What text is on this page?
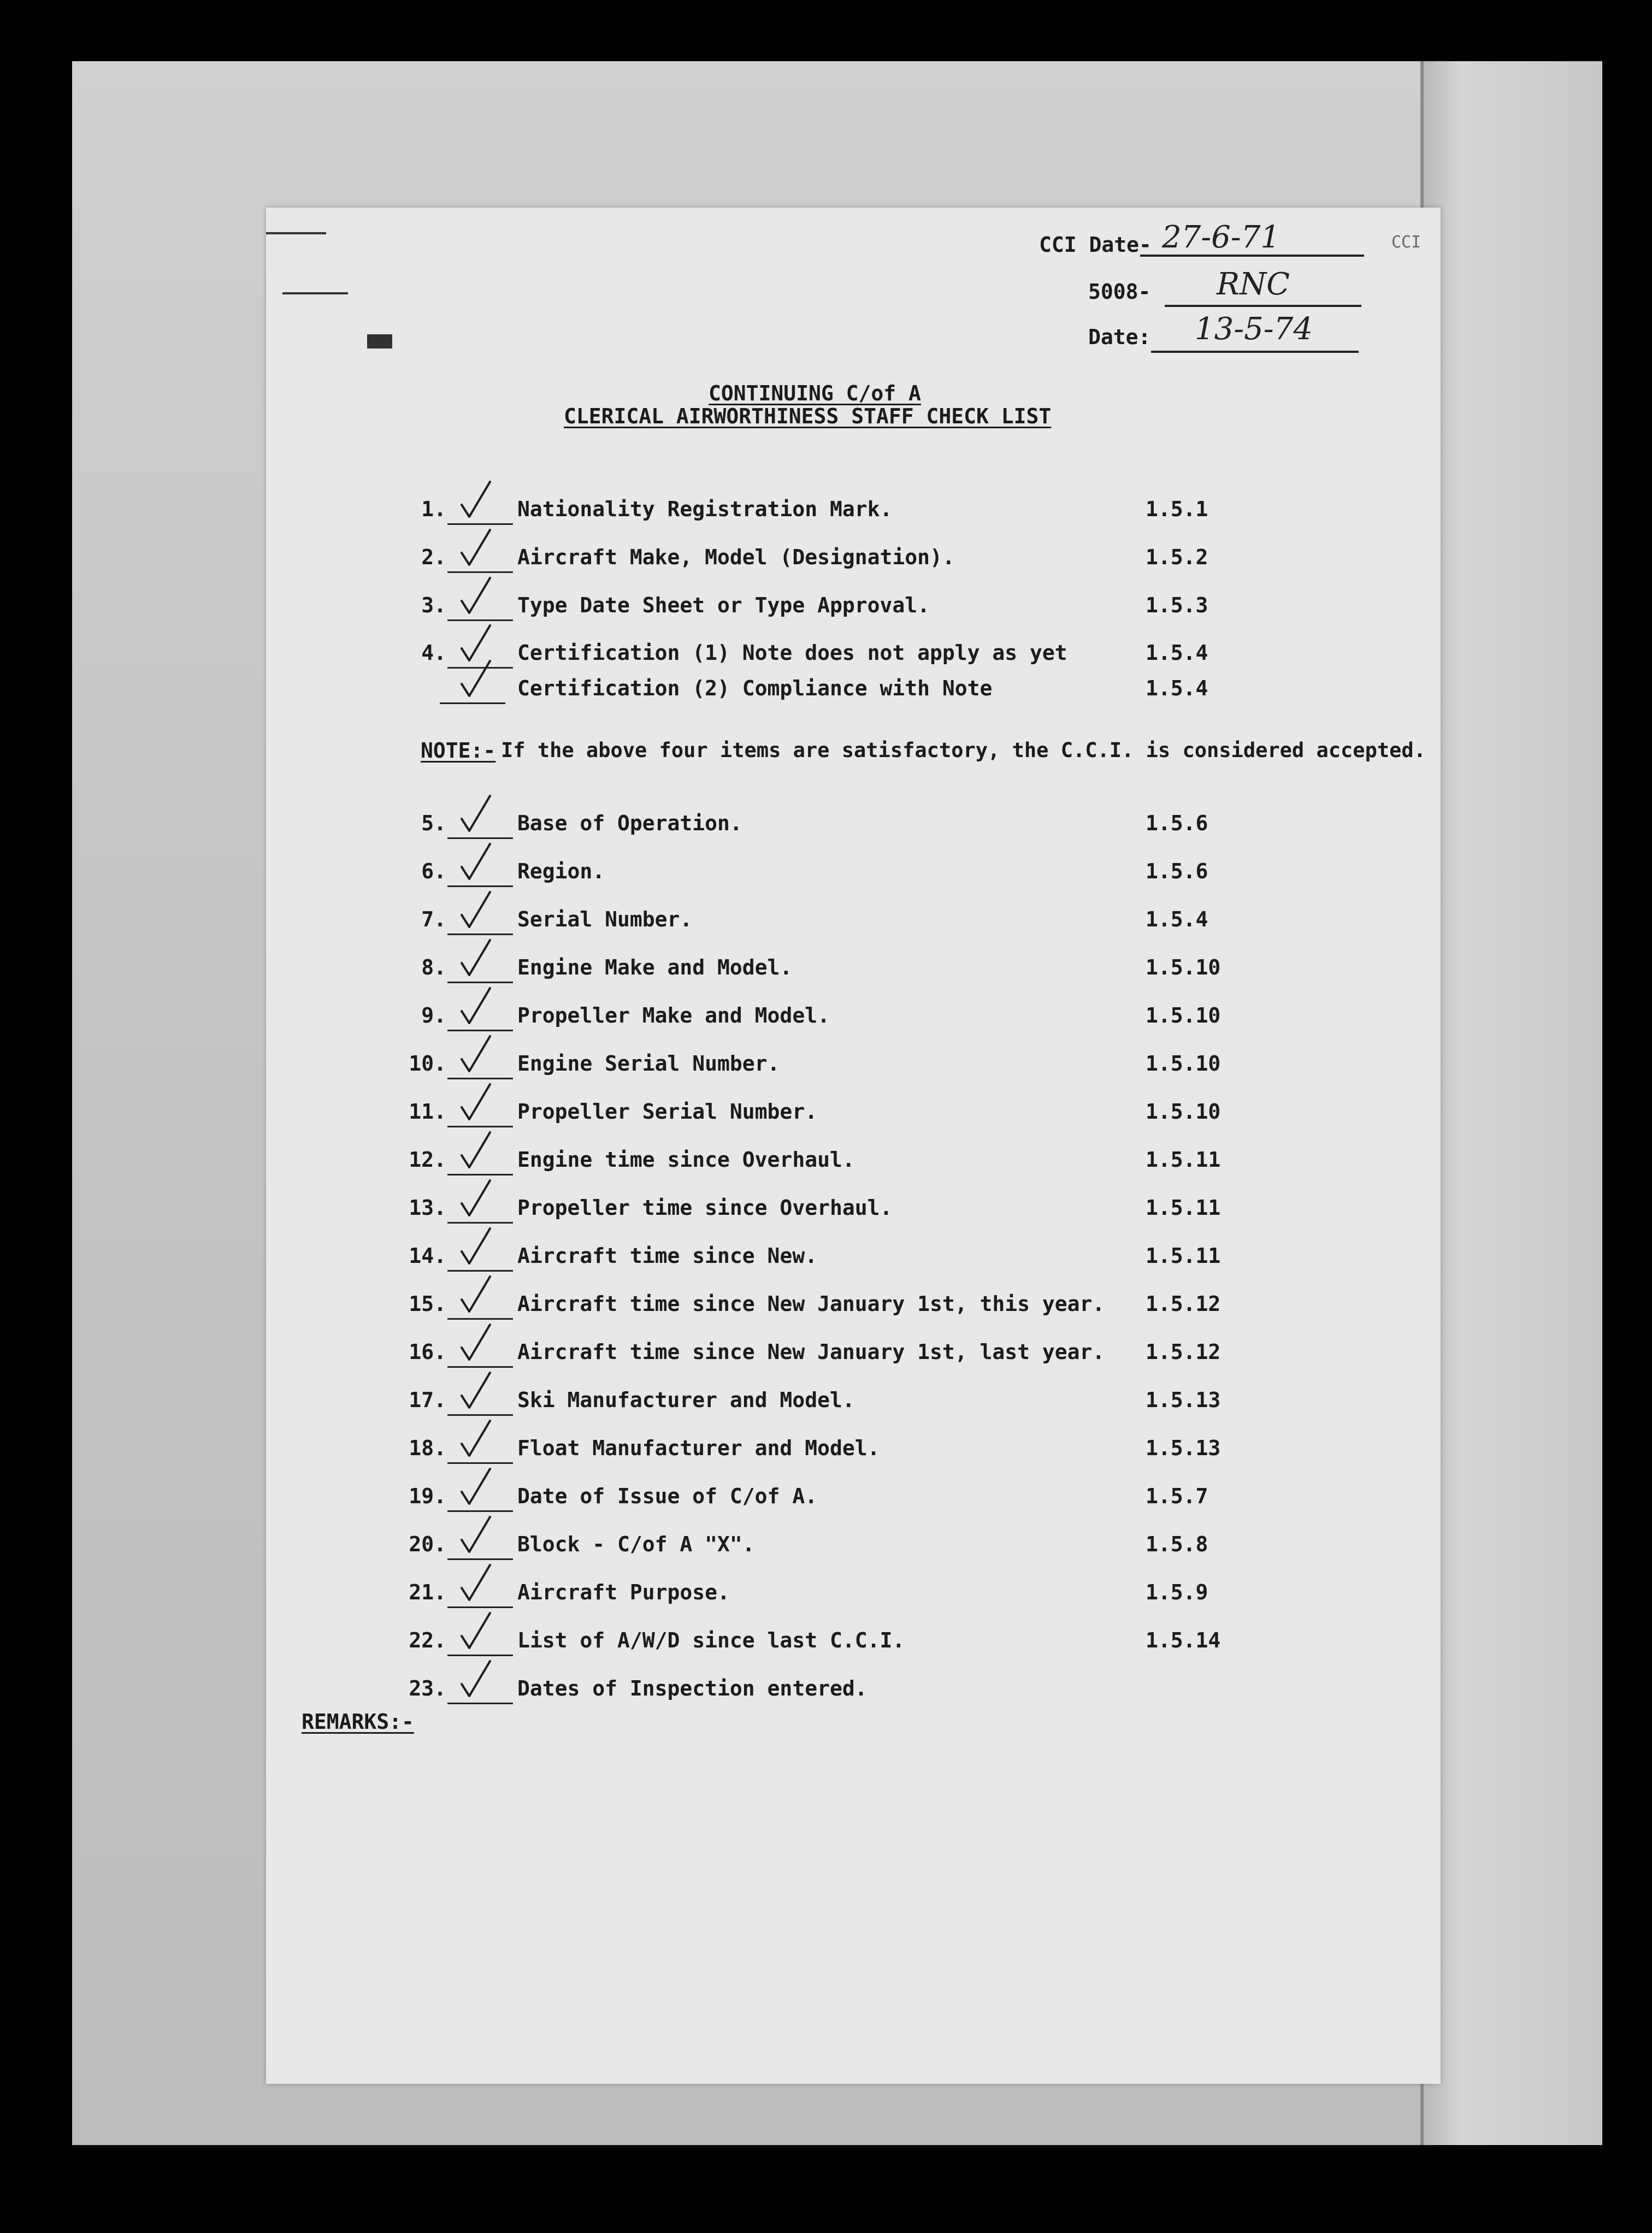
CCI Date- 27-6-71	CCI
5008- RNC
Date: 13-5-74
CONTINUING C/of A
CLERICAL AIRWORTHINESS STAFF CHECK LIST
1.	Nationality Registration Mark.	1.5.1
2.	Aircraft Make, Model (Designation).	1.5.2
3.	Type Date Sheet or Type Approval.	1.5.3
4.	Certification (1) Note does not apply as yet	1.5.4
Certification (2) Compliance with Note	1.5.4
NOTE:- If the above four items are satisfactory, the C.C.I. is considered accepted.
5.	Base of Operation.	1.5.6
6.	Region.	1.5.6
7.	Serial Number.	1.5.4
8.	Engine Make and Model.	1.5.10
9.	Propeller Make and Model.	1.5.10
10.	Engine Serial Number.	1.5.10
11.	Propeller Serial Number.	1.5.10
12.	Engine time since Overhaul.	1.5.11
13.	Propeller time since Overhaul.	1.5.11
14.	Aircraft time since New.	1.5.11
15.	Aircraft time since New January 1st, this year. 1.5.12
16.	Aircraft time since New January 1st, last year. 1.5.12
17.	Ski Manufacturer and Model.	1.5.13
18.	Float Manufacturer and Model.	1.5.13
19.	Date of Issue of C/of A.	1.5.7
20.	Block - C/of A "X".	1.5.8
21.	Aircraft Purpose.	1.5.9
22.	List of A/W/D since last C.C.I.	1.5.14
23.	Dates of Inspection entered.
REMARKS:-
